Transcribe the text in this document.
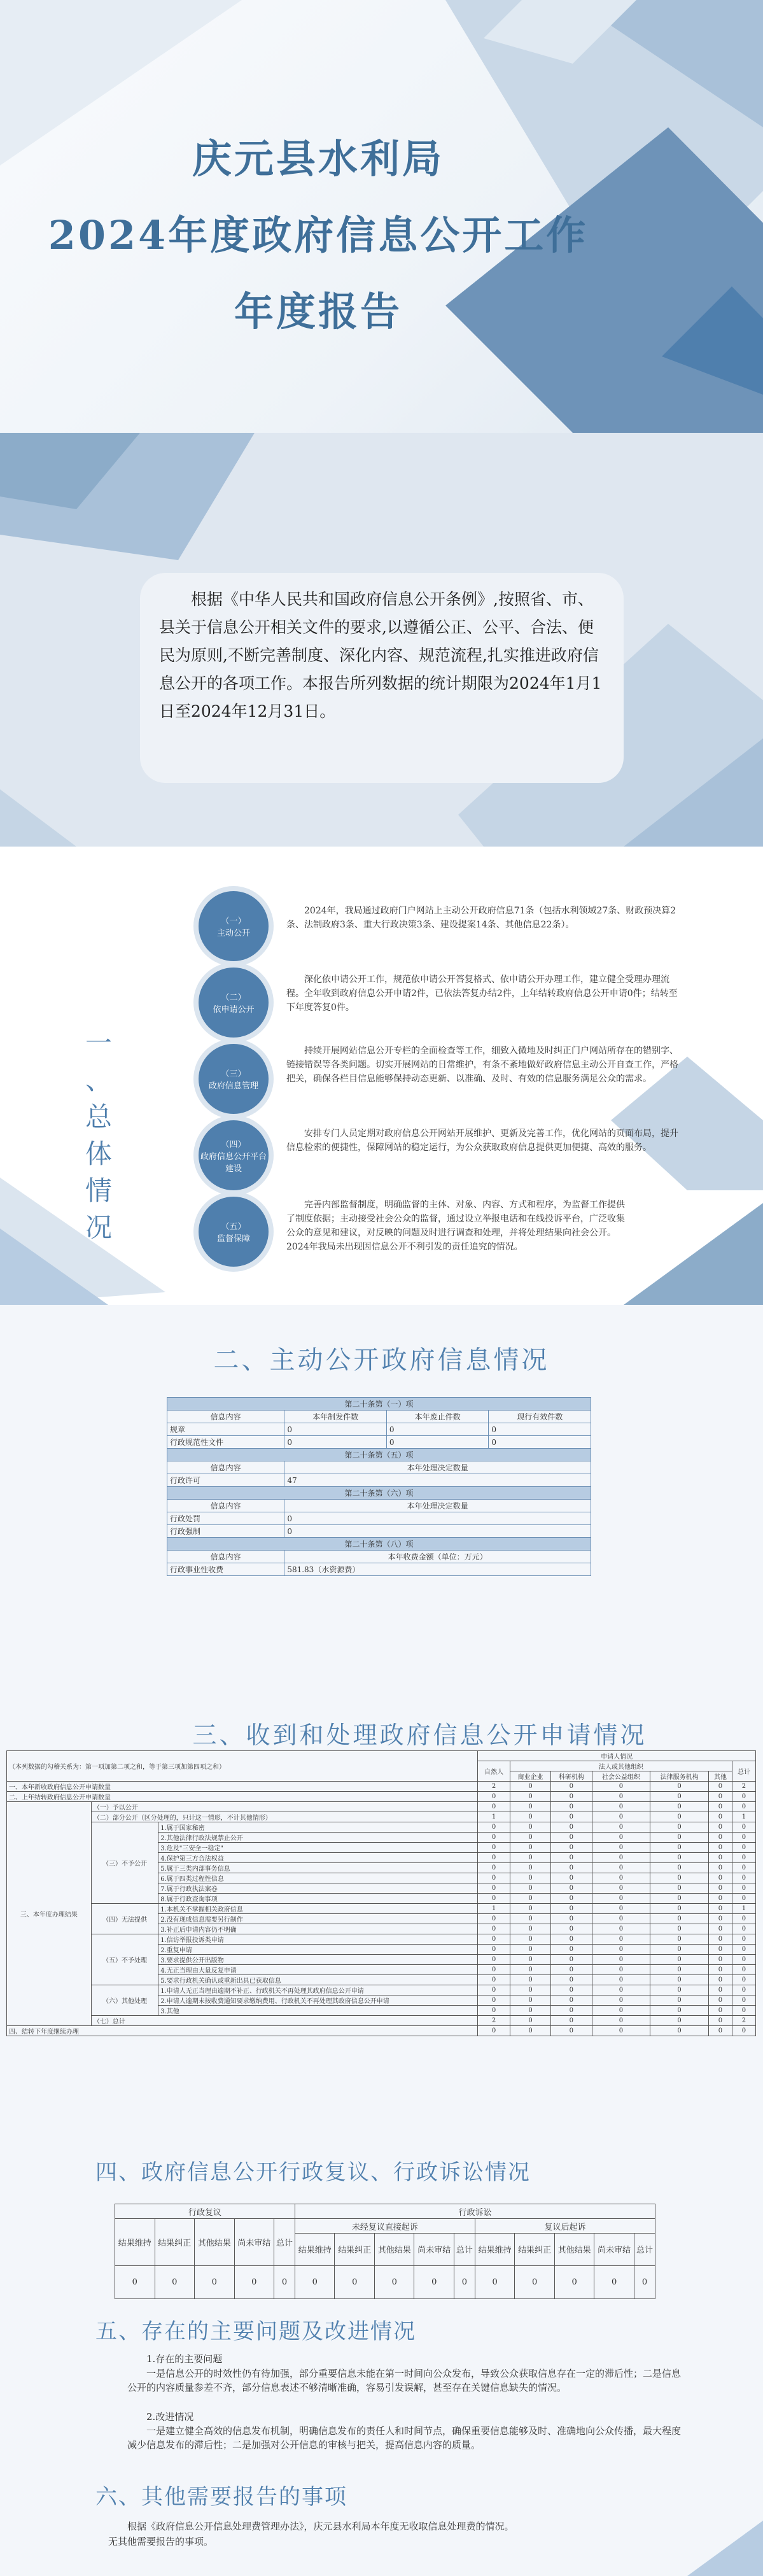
庆元县水利局
2024年度政府信息公开工作
年度报告
根据《中华人民共和国政府信息公开条例》,按照省、市、县关于信息公开相关文件的要求,以遵循公正、公平、合法、便民为原则,不断完善制度、深化内容、规范流程,扎实推进政府信息公开的各项工作。本报告所列数据的统计期限为2024年1月1日至2024年12月31日。
一
、
总
体
情
况
（一）
主动公开
2024年，我局通过政府门户网站上主动公开政府信息71条（包括水利领域27条、财政预决算2条、法制政府3条、重大行政决策3条、建设提案14条、其他信息22条）。
（二）
依申请公开
深化依申请公开工作，规范依申请公开答复格式、依申请公开办理工作，建立健全受理办理流程。全年收到政府信息公开申请2件，已依法答复办结2件，上年结转政府信息公开申请0件；结转至下年度答复0件。
（三）
政府信息管理
持续开展网站信息公开专栏的全面检查等工作，细致入微地及时纠正门户网站所存在的错别字、链接错误等各类问题。切实开展网站的日常维护，有条不紊地做好政府信息主动公开自查工作，严格把关，确保各栏目信息能够保持动态更新、以准确、及时、有效的信息服务满足公众的需求。
（四）
政府信息公开平台建设
安排专门人员定期对政府信息公开网站开展维护、更新及完善工作，优化网站的页面布局，提升信息检索的便捷性，保障网站的稳定运行，为公众获取政府信息提供更加便捷、高效的服务。
（五）
监督保障
完善内部监督制度，明确监督的主体、对象、内容、方式和程序，为监督工作提供了制度依据；主动接受社会公众的监督，通过设立举报电话和在线投诉平台，广泛收集公众的意见和建议，对反映的问题及时进行调查和处理，并将处理结果向社会公开。2024年我局未出现因信息公开不利引发的责任追究的情况。
二、主动公开政府信息情况
第二十条第（一）项			
信息内容	本年制发件数	本年废止件数	现行有效件数
规章	0	0	0
行政规范性文件	0	0	0
第二十条第（五）项			
信息内容	本年处理决定数量		
行政许可	47		
第二十条第（六）项			
信息内容	本年处理决定数量		
行政处罚	0		
行政强制	0		
第二十条第（八）项			
信息内容	本年收费金额（单位：万元）		
行政事业性收费	581.83（水资源费）		
三、收到和处理政府信息公开申请情况
（本列数据的勾稽关系为：第一项加第二项之和，等于第三项加第四项之和）			申请人情况						
			自然人	法人或其他组织					总计
				商业企业	科研机构	社会公益组织	法律服务机构	其他	
一、本年新收政府信息公开申请数量			2	0	0	0	0	0	2
二、上年结转政府信息公开申请数量			0	0	0	0	0	0	0
三、本年度办理结果	（一）予以公开		0	0	0	0	0	0	0
	（二）部分公开（区分处理的，只计这一情形，不计其他情形）		1	0	0	0	0	0	1
	（三）不予公开	1.属于国家秘密	0	0	0	0	0	0	0
		2.其他法律行政法规禁止公开	0	0	0	0	0	0	0
		3.危及"三安全一稳定"	0	0	0	0	0	0	0
		4.保护第三方合法权益	0	0	0	0	0	0	0
		5.属于三类内部事务信息	0	0	0	0	0	0	0
		6.属于四类过程性信息	0	0	0	0	0	0	0
		7.属于行政执法案卷	0	0	0	0	0	0	0
		8.属于行政查询事项	0	0	0	0	0	0	0
	（四）无法提供	1.本机关不掌握相关政府信息	1	0	0	0	0	0	1
		2.没有现成信息需要另行制作	0	0	0	0	0	0	0
		3.补正后申请内容仍不明确	0	0	0	0	0	0	0
	（五）不予处理	1.信访举报投诉类申请	0	0	0	0	0	0	0
		2.重复申请	0	0	0	0	0	0	0
		3.要求提供公开出版物	0	0	0	0	0	0	0
		4.无正当理由大量反复申请	0	0	0	0	0	0	0
		5.要求行政机关确认或重新出具已获取信息	0	0	0	0	0	0	0
	（六）其他处理	1.申请人无正当理由逾期不补正、行政机关不再处理其政府信息公开申请	0	0	0	0	0	0	0
		2.申请人逾期未按收费通知要求缴纳费用、行政机关不再处理其政府信息公开申请	0	0	0	0	0	0	0
		3.其他	0	0	0	0	0	0	0
	（七）总计		2	0	0	0	0	0	2
四、结转下年度继续办理			0	0	0	0	0	0	0
四、政府信息公开行政复议、行政诉讼情况
行政复议					行政诉讼									
结果维持	结果纠正	其他结果	尚未审结	总计	未经复议直接起诉					复议后起诉				
					结果维持	结果纠正	其他结果	尚未审结	总计	结果维持	结果纠正	其他结果	尚未审结	总计
0	0	0	0	0	0	0	0	0	0	0	0	0	0	0
五、存在的主要问题及改进情况
1.存在的主要问题
一是信息公开的时效性仍有待加强，部分重要信息未能在第一时间向公众发布，导致公众获取信息存在一定的滞后性；二是信息公开的内容质量参差不齐，部分信息表述不够清晰准确，容易引发误解，甚至存在关键信息缺失的情况。
2.改进情况
一是建立健全高效的信息发布机制，明确信息发布的责任人和时间节点，确保重要信息能够及时、准确地向公众传播，最大程度减少信息发布的滞后性；二是加强对公开信息的审核与把关，提高信息内容的质量。
六、其他需要报告的事项
根据《政府信息公开信息处理费管理办法》，庆元县水利局本年度无收取信息处理费的情况。
无其他需要报告的事项。
